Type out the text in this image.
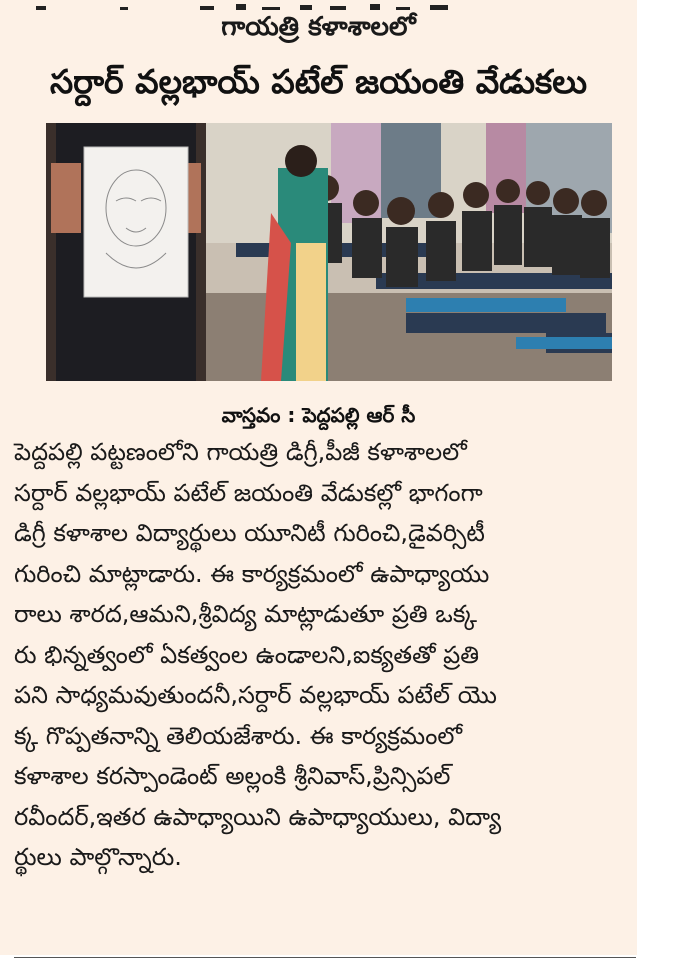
గాయత్రి కళాశాలలో
సర్దార్ వల్లభాయ్ పటేల్ జయంతి వేడుకలు
వాస్తవం : పెద్దపల్లి ఆర్ సీ
పెద్దపల్లి పట్టణంలోని గాయత్రి డిగ్రీ,పీజీ కళాశాలలో
సర్దార్ వల్లభాయ్ పటేల్ జయంతి వేడుకల్లో భాగంగా
డిగ్రీ కళాశాల విద్యార్థులు యూనిటీ గురించి,డైవర్సిటీ
గురించి మాట్లాడారు. ఈ కార్యక్రమంలో ఉపాధ్యాయు
రాలు శారద,ఆమని,శ్రీవిద్య మాట్లాడుతూ ప్రతి ఒక్క
రు భిన్నత్వంలో ఏకత్వంల ఉండాలని,ఐక్యతతో ప్రతి
పని సాధ్యమవుతుందనీ,సర్దార్ వల్లభాయ్ పటేల్ యొ
క్క గొప్పతనాన్ని తెలియజేశారు. ఈ కార్యక్రమంలో
కళాశాల కరస్పాండెంట్ అల్లంకి శ్రీనివాస్,ప్రిన్సిపల్
రవీందర్,ఇతర ఉపాధ్యాయిని ఉపాధ్యాయులు, విద్యా
ర్థులు పాల్గొన్నారు.
